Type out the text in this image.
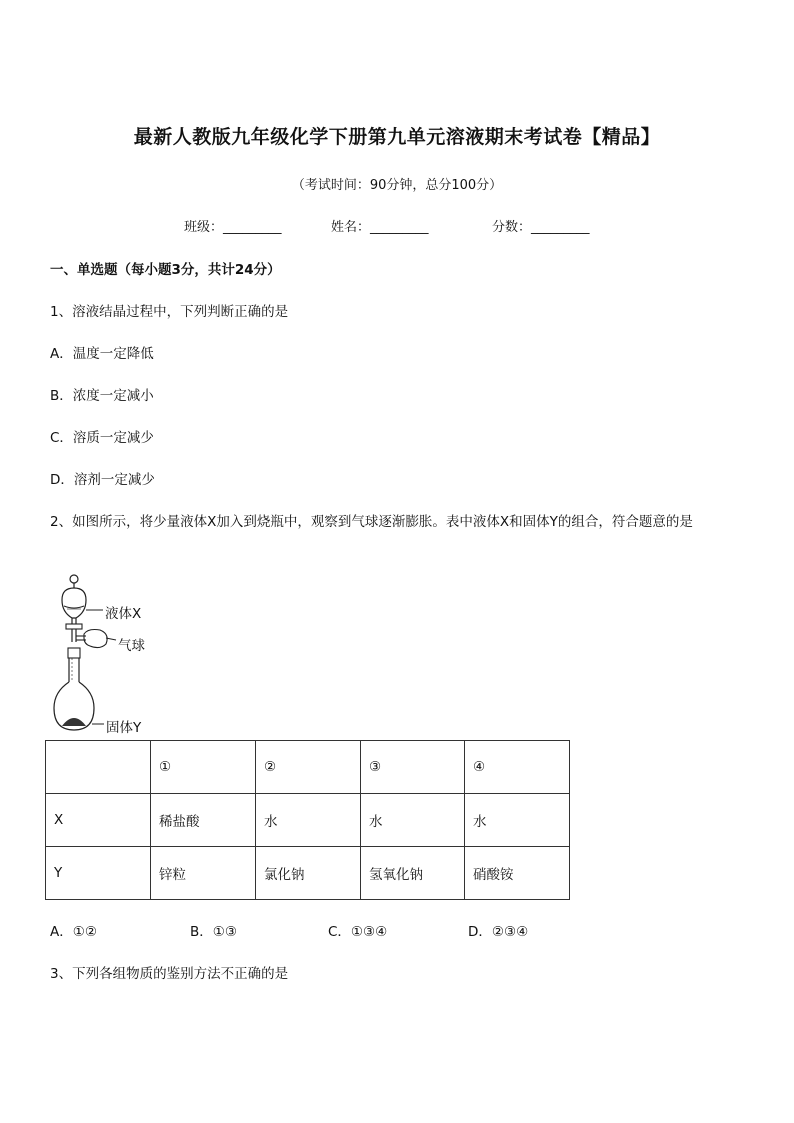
最新人教版九年级化学下册第九单元溶液期末考试卷【精品】
（考试时间：90分钟，总分100分）
班级：_________	姓名：_________	分数：_________
一、单选题（每小题3分，共计24分）
1、溶液结晶过程中，下列判断正确的是
A．温度一定降低
B．浓度一定减小
C．溶质一定减少
D．溶剂一定减少
2、如图所示，将少量液体X加入到烧瓶中，观察到气球逐渐膨胀。表中液体X和固体Y的组合，符合题意的是
液体X
气球
固体Y
	①	②	③	④
X	稀盐酸	水	水	水
Y	锌粒	氯化钠	氢氧化钠	硝酸铵
A．①②	B．①③	C．①③④	D．②③④
3、下列各组物质的鉴别方法不正确的是
